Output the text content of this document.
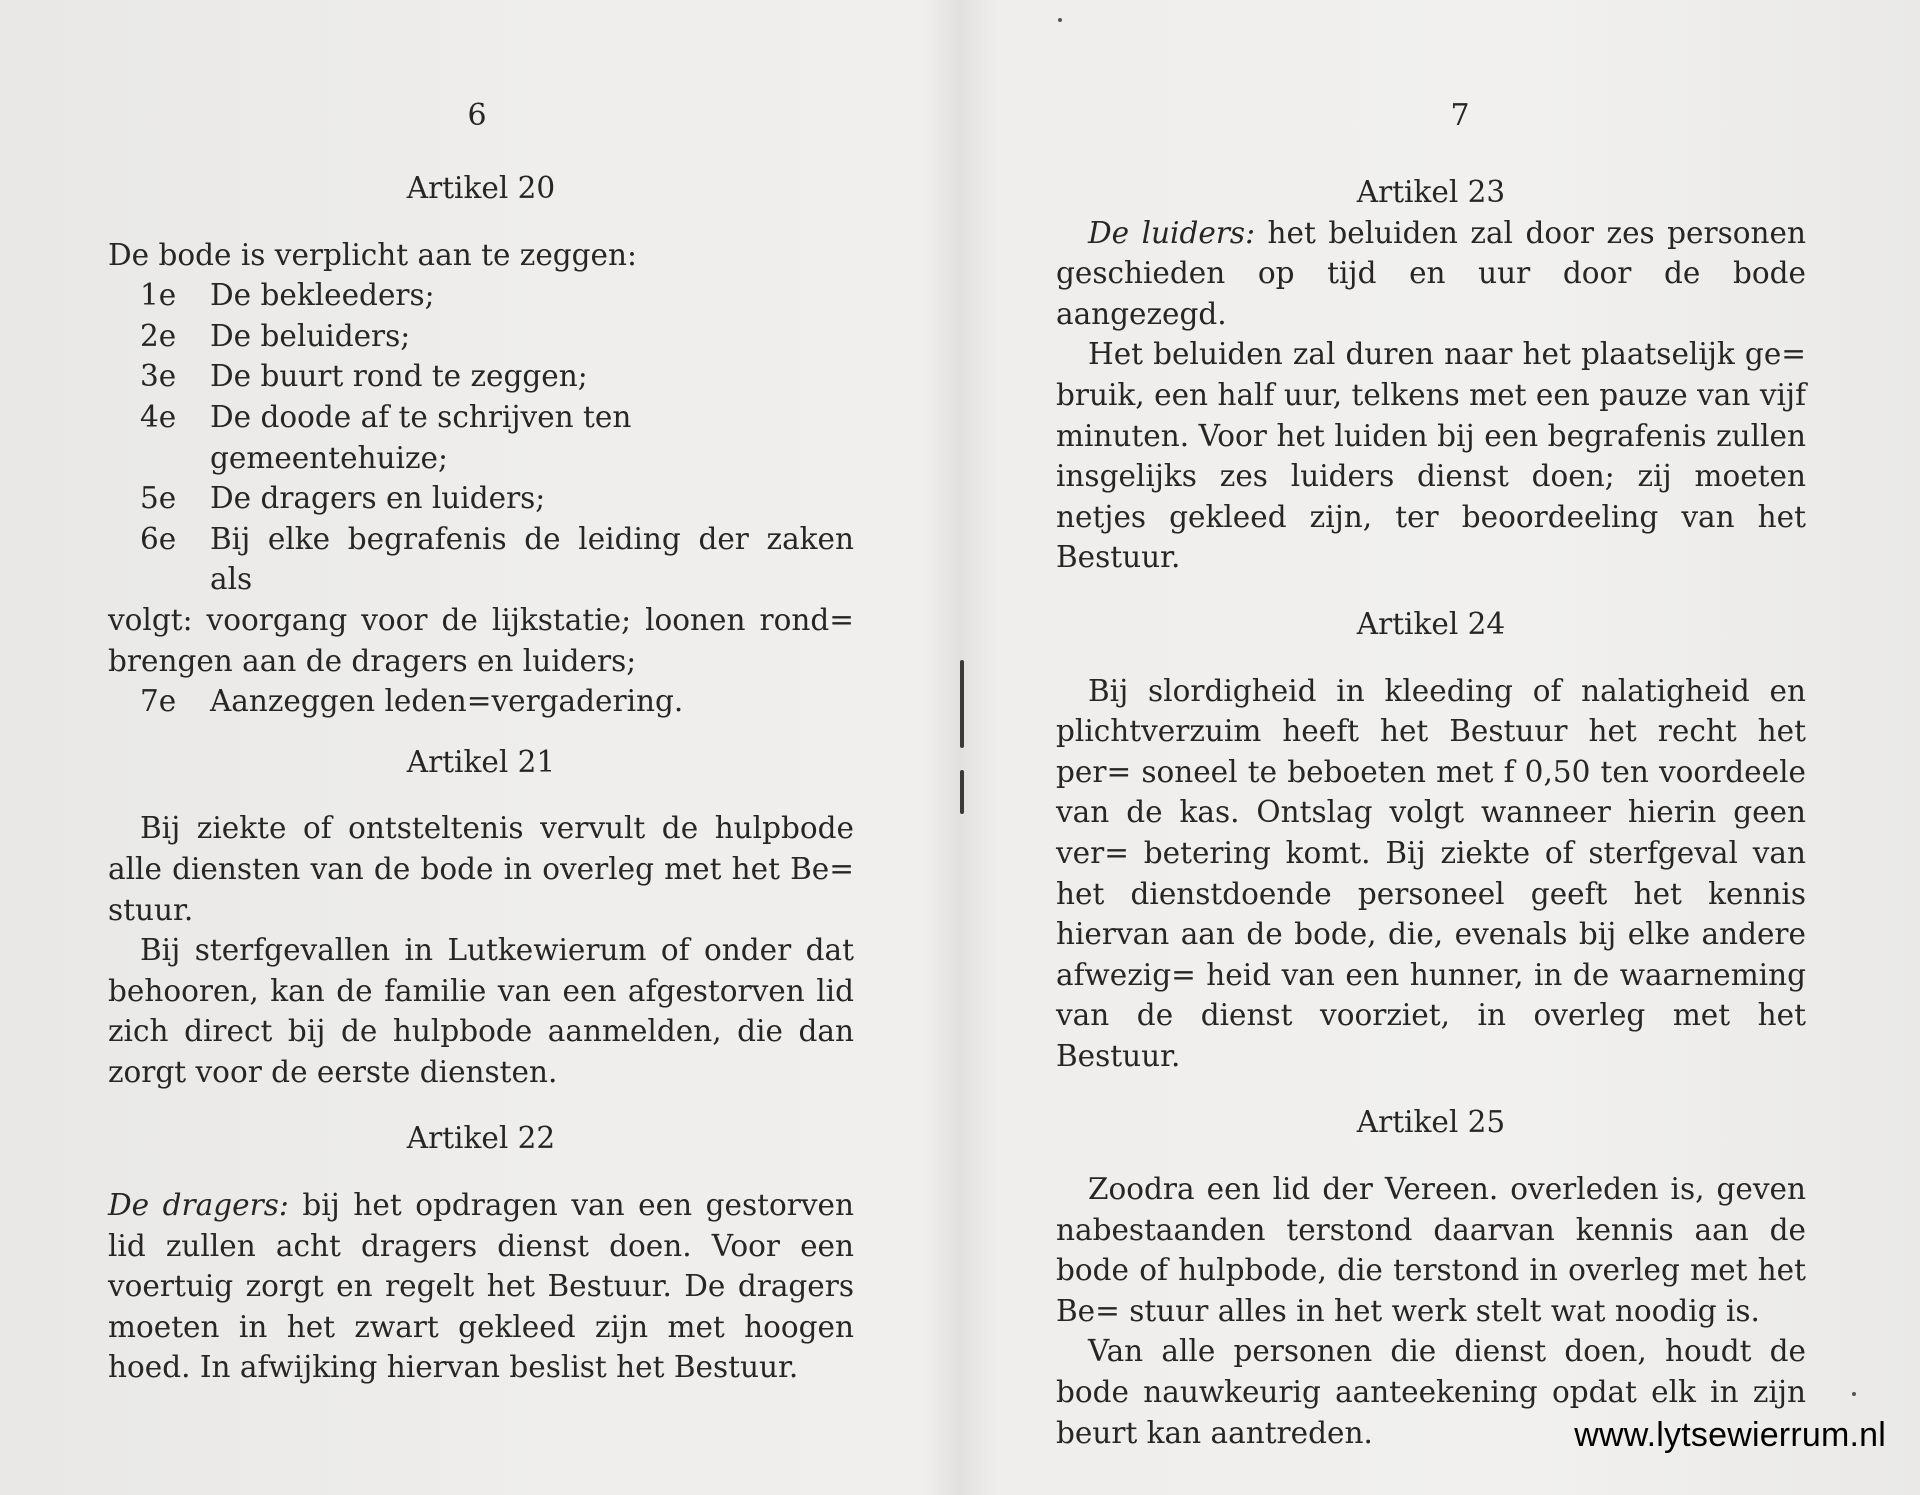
6

Artikel 20

De bode is verplicht aan te zeggen:

1e	De bekleeders;
2e	De beluiders;
3e	De buurt rond te zeggen;
4e	De doode af te schrijven ten gemeentehuize;
5e	De dragers en luiders;
6e	Bij elke begrafenis de leiding der zaken als

volgt: voorgang voor de lijkstatie; loonen rond= brengen aan de dragers en luiders;

7e	Aanzeggen leden=vergadering.

Artikel 21

Bij ziekte of ontsteltenis vervult de hulpbode alle diensten van de bode in overleg met het Be= stuur.

Bij sterfgevallen in Lutkewierum of onder dat behooren, kan de familie van een afgestorven lid zich direct bij de hulpbode aanmelden, die dan zorgt voor de eerste diensten.

Artikel 22

De dragers: bij het opdragen van een gestorven lid zullen acht dragers dienst doen. Voor een voertuig zorgt en regelt het Bestuur. De dragers moeten in het zwart gekleed zijn met hoogen hoed. In afwijking hiervan beslist het Bestuur.

7

Artikel 23

De luiders: het beluiden zal door zes personen geschieden op tijd en uur door de bode aangezegd.

Het beluiden zal duren naar het plaatselijk ge= bruik, een half uur, telkens met een pauze van vijf minuten. Voor het luiden bij een begrafenis zullen insgelijks zes luiders dienst doen; zij moeten netjes gekleed zijn, ter beoordeeling van het Bestuur.

Artikel 24

Bij slordigheid in kleeding of nalatigheid en plichtverzuim heeft het Bestuur het recht het per= soneel te beboeten met f 0,50 ten voordeele van de kas. Ontslag volgt wanneer hierin geen ver= betering komt. Bij ziekte of sterfgeval van het dienstdoende personeel geeft het kennis hiervan aan de bode, die, evenals bij elke andere afwezig= heid van een hunner, in de waarneming van de dienst voorziet, in overleg met het Bestuur.

Artikel 25

Zoodra een lid der Vereen. overleden is, geven nabestaanden terstond daarvan kennis aan de bode of hulpbode, die terstond in overleg met het Be= stuur alles in het werk stelt wat noodig is.

Van alle personen die dienst doen, houdt de bode nauwkeurig aanteekening opdat elk in zijn beurt kan aantreden.	www.lytsewierrum.nl
